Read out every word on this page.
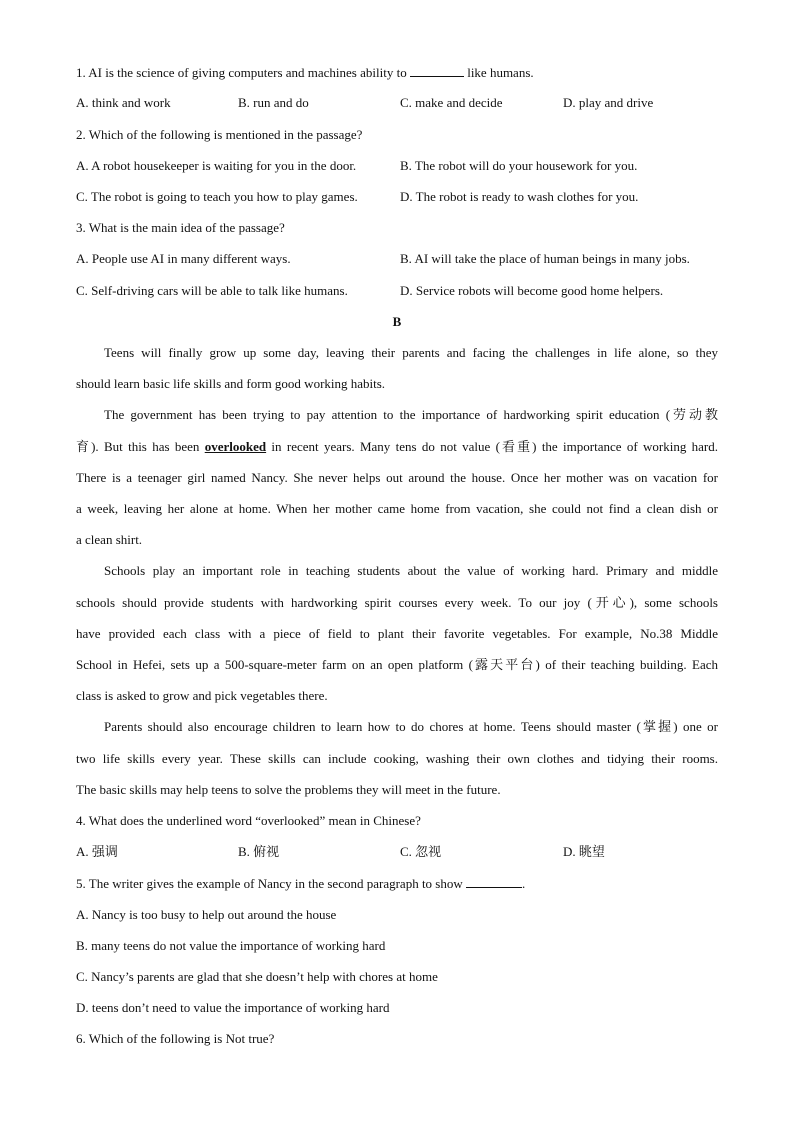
1. AI is the science of giving computers and machines ability to	like humans.
A. think and work	B. run and do	C. make and decide	D. play and drive
2. Which of the following is mentioned in the passage?
A. A robot housekeeper is waiting for you in the door.	B. The robot will do your housework for you.
C. The robot is going to teach you how to play games.	D. The robot is ready to wash clothes for you.
3. What is the main idea of the passage?
A. People use AI in many different ways.	B. AI will take the place of human beings in many jobs.
C. Self-driving cars will be able to talk like humans.	D. Service robots will become good home helpers.
B
Teens will finally grow up some day, leaving their parents and facing the challenges in life alone, so they
should learn basic life skills and form good working habits.
The government has been trying to pay attention to the importance of hardworking spirit education (劳动教
育). But this has been overlooked in recent years. Many tens do not value (看重) the importance of working hard.
There is a teenager girl named Nancy. She never helps out around the house. Once her mother was on vacation for
a week, leaving her alone at home. When her mother came home from vacation, she could not find a clean dish or
a clean shirt.
Schools play an important role in teaching students about the value of working hard. Primary and middle
schools should provide students with hardworking spirit courses every week. To our joy (开心), some schools
have provided each class with a piece of field to plant their favorite vegetables. For example, No.38 Middle
School in Hefei, sets up a 500-square-meter farm on an open platform (露天平台) of their teaching building. Each
class is asked to grow and pick vegetables there.
Parents should also encourage children to learn how to do chores at home. Teens should master (掌握) one or
two life skills every year. These skills can include cooking, washing their own clothes and tidying their rooms.
The basic skills may help teens to solve the problems they will meet in the future.
4. What does the underlined word “overlooked” mean in Chinese?
A. 强调	B. 俯视	C. 忽视	D. 眺望
5. The writer gives the example of Nancy in the second paragraph to show	.
A. Nancy is too busy to help out around the house
B. many teens do not value the importance of working hard
C. Nancy’s parents are glad that she doesn’t help with chores at home
D. teens don’t need to value the importance of working hard
6. Which of the following is Not true?
